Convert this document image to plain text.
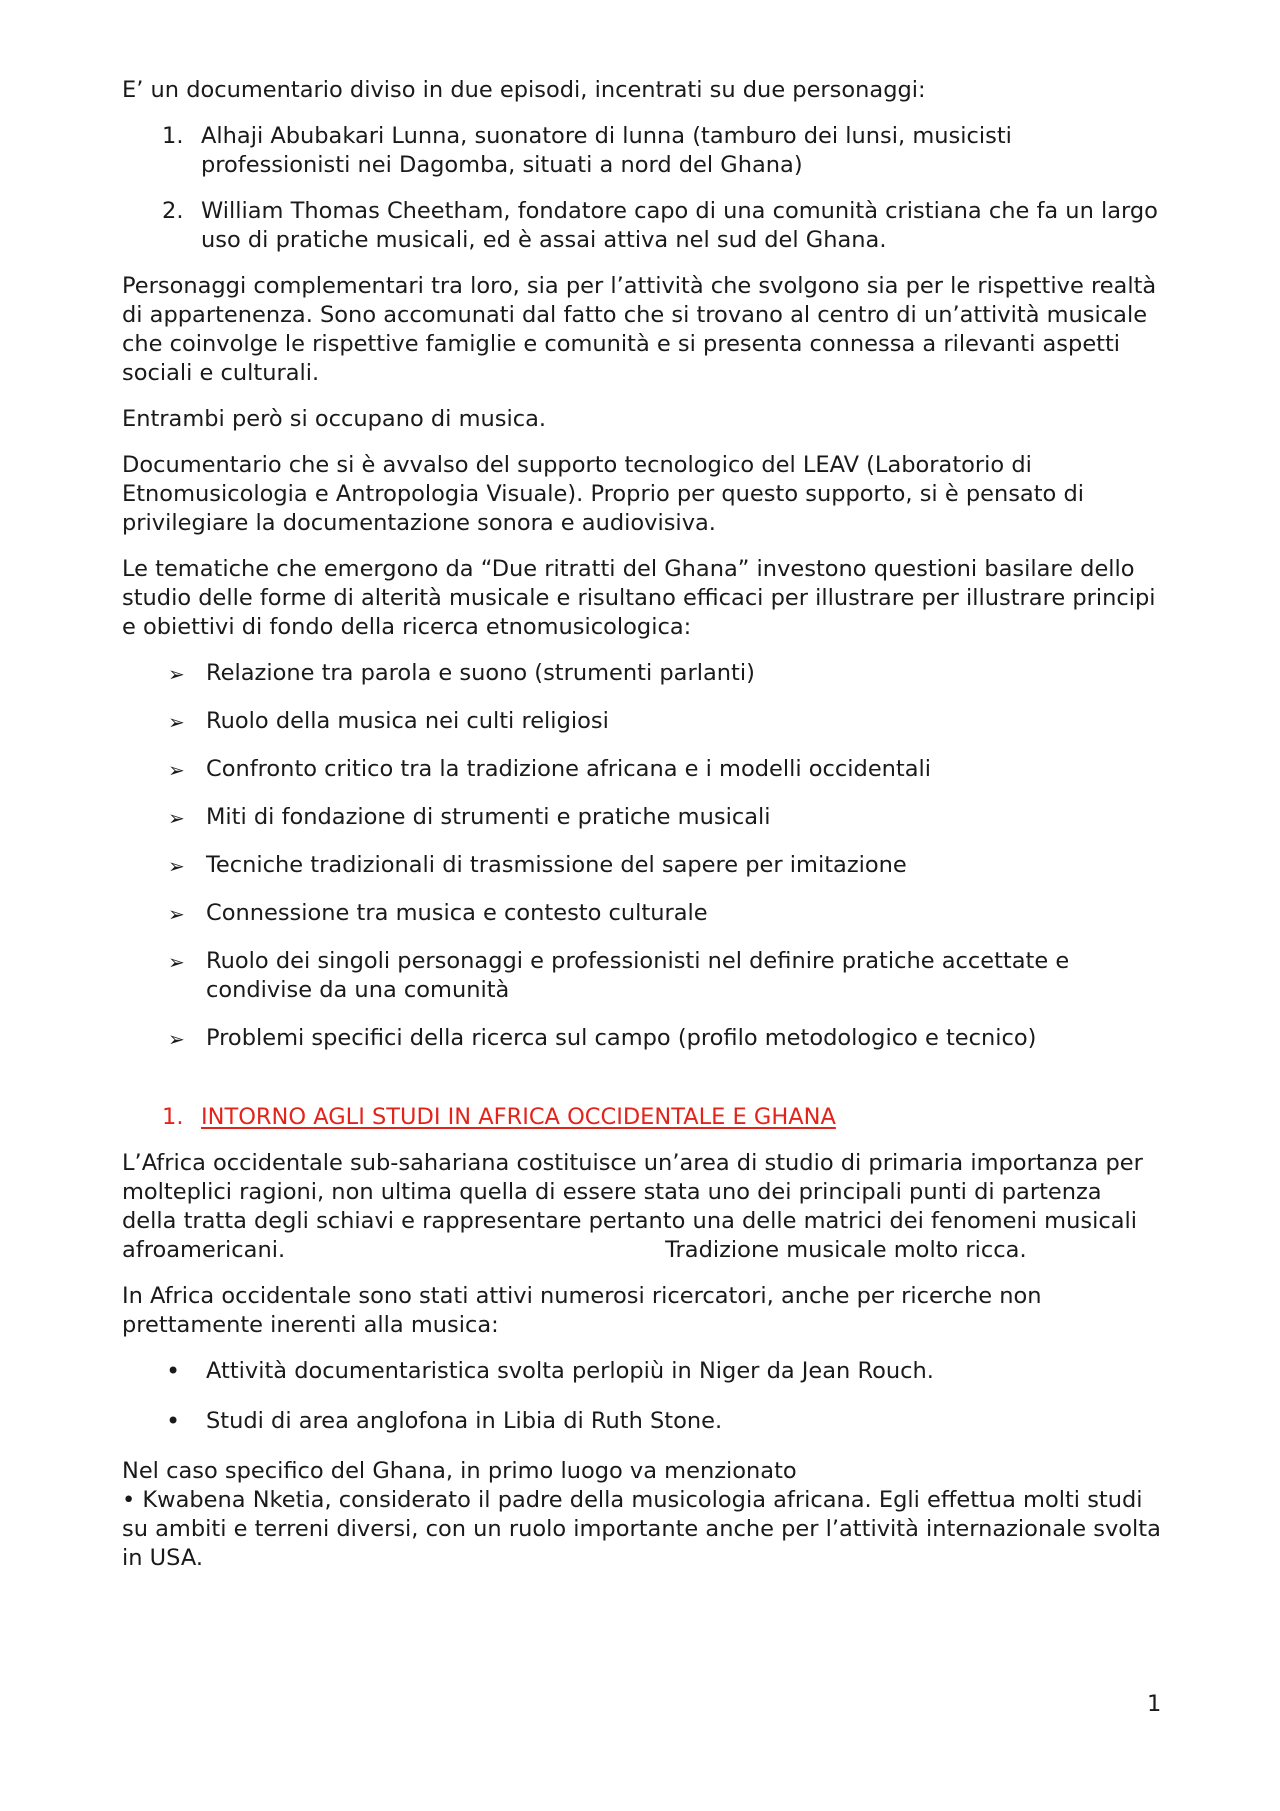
E’ un documentario diviso in due episodi, incentrati su due personaggi:

1. Alhaji Abubakari Lunna, suonatore di lunna (tamburo dei lunsi, musicisti professionisti nei Dagomba, situati a nord del Ghana)
2. William Thomas Cheetham, fondatore capo di una comunità cristiana che fa un largo uso di pratiche musicali, ed è assai attiva nel sud del Ghana.

Personaggi complementari tra loro, sia per l’attività che svolgono sia per le rispettive realtà di appartenenza. Sono accomunati dal fatto che si trovano al centro di un’attività musicale che coinvolge le rispettive famiglie e comunità e si presenta connessa a rilevanti aspetti sociali e culturali.

Entrambi però si occupano di musica.

Documentario che si è avvalso del supporto tecnologico del LEAV (Laboratorio di Etnomusicologia e Antropologia Visuale). Proprio per questo supporto, si è pensato di privilegiare la documentazione sonora e audiovisiva.

Le tematiche che emergono da “Due ritratti del Ghana” investono questioni basilare dello studio delle forme di alterità musicale e risultano efficaci per illustrare per illustrare principi e obiettivi di fondo della ricerca etnomusicologica:

➢ Relazione tra parola e suono (strumenti parlanti)
➢ Ruolo della musica nei culti religiosi
➢ Confronto critico tra la tradizione africana e i modelli occidentali
➢ Miti di fondazione di strumenti e pratiche musicali
➢ Tecniche tradizionali di trasmissione del sapere per imitazione
➢ Connessione tra musica e contesto culturale
➢ Ruolo dei singoli personaggi e professionisti nel definire pratiche accettate e condivise da una comunità
➢ Problemi specifici della ricerca sul campo (profilo metodologico e tecnico)
1. INTORNO AGLI STUDI IN AFRICA OCCIDENTALE E GHANA

L’Africa occidentale sub-sahariana costituisce un’area di studio di primaria importanza per molteplici ragioni, non ultima quella di essere stata uno dei principali punti di partenza della tratta degli schiavi e rappresentare pertanto una delle matrici dei fenomeni musicali afroamericani.	Tradizione musicale molto ricca.

In Africa occidentale sono stati attivi numerosi ricercatori, anche per ricerche non prettamente inerenti alla musica:

• Attività documentaristica svolta perlopiù in Niger da Jean Rouch.
• Studi di area anglofona in Libia di Ruth Stone.

Nel caso specifico del Ghana, in primo luogo va menzionato
• Kwabena Nketia, considerato il padre della musicologia africana. Egli effettua molti studi su ambiti e terreni diversi, con un ruolo importante anche per l’attività internazionale svolta in USA.

1
